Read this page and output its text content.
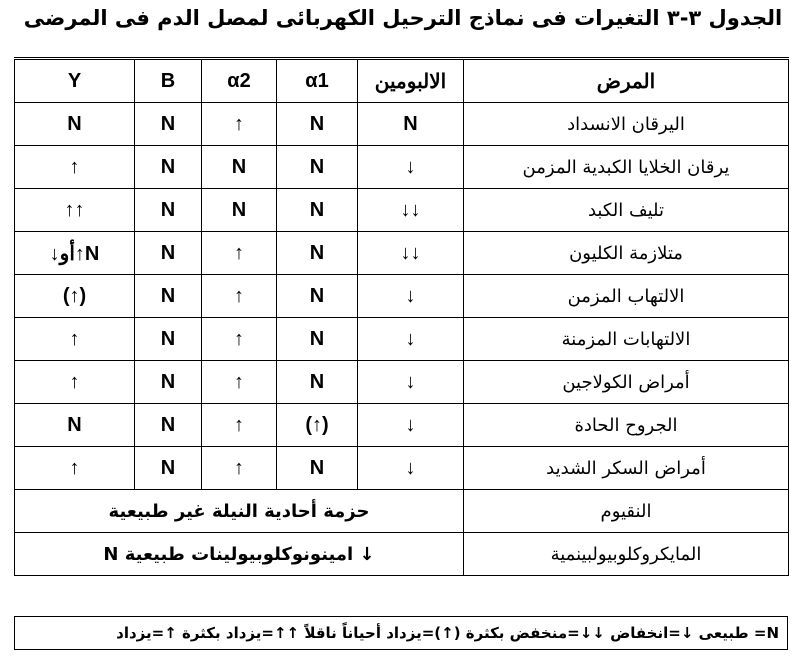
الجدول ٣-٣ التغيرات فى نماذج الترحيل الكهربائى لمصل الدم فى المرضى
المرض	الالبومين	α1	α2	B	Y
اليرقان الانسداد	N	N	↑	N	N
يرقان الخلايا الكبدية المزمن	↓	N	N	N	↑
تليف الكبد	↓↓	N	N	N	↑↑
متلازمة الكليون	↓↓	N	↑	N	N↑أو↓
الالتهاب المزمن	↓	N	↑	N	(↑)
الالتهابات المزمنة	↓	N	↑	N	↑
أمراض الكولاجين	↓	N	↑	N	↑
الجروح الحادة	↓	(↑)	↑	N	N
أمراض السكر الشديد	↓	N	↑	N	↑
النقيوم	حزمة أحادية النيلة غير طبيعية				
المايكروكلوبيولبينمية	↓ امينونوكلوبيولينات طبيعية N				
N= طبيعى ↓=انخفاض ↓↓=منخفض بكثرة (↑)=يزداد أحياناً ناقلاً ↑↑=يزداد بكثرة ↑=يزداد
